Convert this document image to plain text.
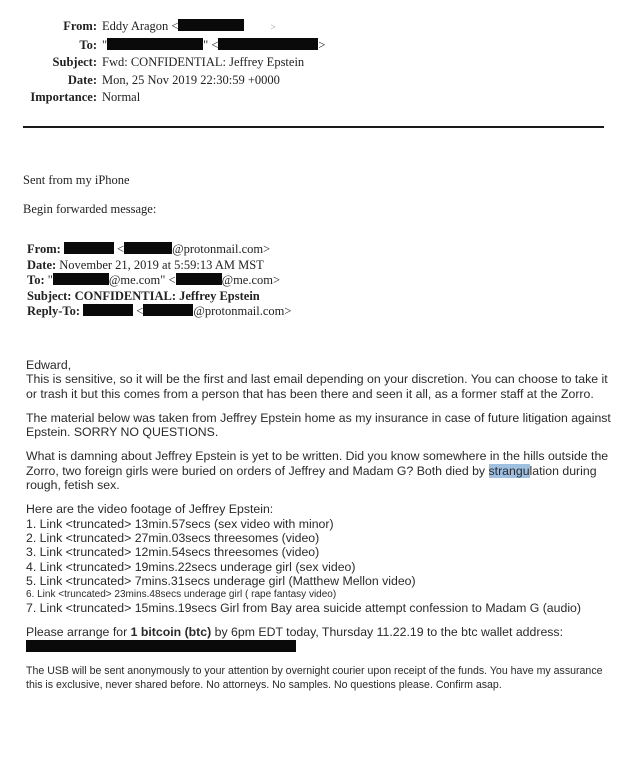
From: Eddy Aragon <	>
To: "	" <	>
Subject: Fwd: CONFIDENTIAL: Jeffrey Epstein
Date: Mon, 25 Nov 2019 22:30:59 +0000
Importance: Normal
Sent from my iPhone
Begin forwarded message:
From:	<	@protonmail.com>
Date: November 21, 2019 at 5:59:13 AM MST
To: "	@me.com" <	@me.com>
Subject: CONFIDENTIAL: Jeffrey Epstein
Reply-To:	<	@protonmail.com>
Edward,

This is sensitive, so it will be the first and last email depending on your discretion. You can choose to take it or trash it but this comes from a person that has been there and seen it all, as a former staff at the Zorro.

The material below was taken from Jeffrey Epstein home as my insurance in case of future litigation against Epstein. SORRY NO QUESTIONS.

What is damning about Jeffrey Epstein is yet to be written. Did you know somewhere in the hills outside the Zorro, two foreign girls were buried on orders of Jeffrey and Madam G? Both died by strangulation during rough, fetish sex.

Here are the video footage of Jeffrey Epstein:
1. Link <truncated> 13min.57secs (sex video with minor)
2. Link <truncated> 27min.03secs threesomes (video)
3. Link <truncated> 12min.54secs threesomes (video)
4. Link <truncated> 19mins.22secs underage girl (sex video)
5. Link <truncated> 7mins.31secs underage girl (Matthew Mellon video)
6. Link <truncated> 23mins.48secs underage girl ( rape fantasy video)
7. Link <truncated> 15mins.19secs Girl from Bay area suicide attempt confession to Madam G (audio)

Please arrange for 1 bitcoin (btc) by 6pm EDT today, Thursday 11.22.19 to the btc wallet address:

The USB will be sent anonymously to your attention by overnight courier upon receipt of the funds. You have my assurance this is exclusive, never shared before. No attorneys. No samples. No questions please. Confirm asap.
